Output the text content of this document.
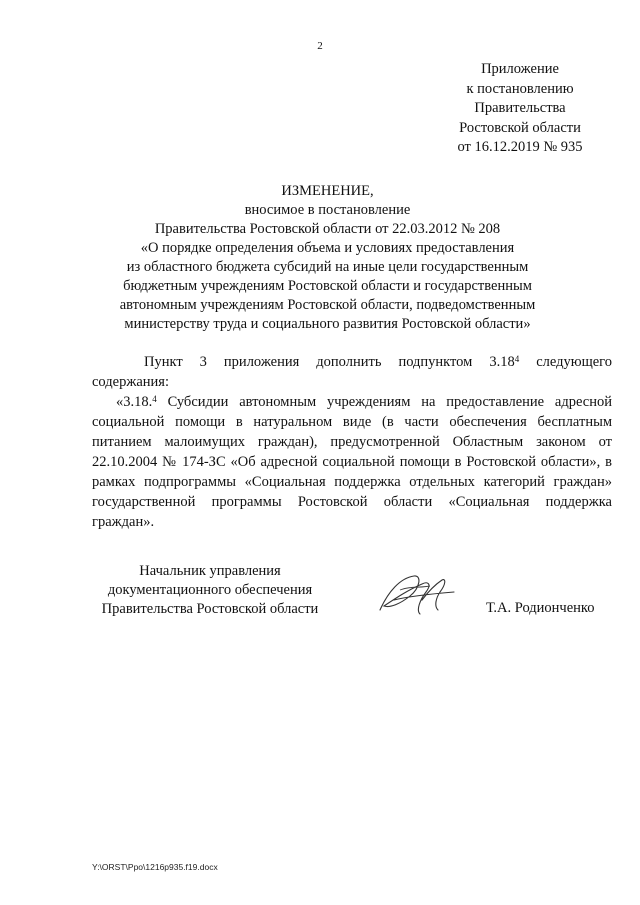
2
Приложение
к постановлению
Правительства
Ростовской области
от 16.12.2019 № 935
ИЗМЕНЕНИЕ,
вносимое в постановление
Правительства Ростовской области от 22.03.2012 № 208
«О порядке определения объема и условиях предоставления
из областного бюджета субсидий на иные цели государственным
бюджетным учреждениям Ростовской области и государственным
автономным учреждениям Ростовской области, подведомственным
министерству труда и социального развития Ростовской области»

Пункт 3 приложения дополнить подпунктом 3.18$^4$ следующего

содержания:

«3.18.$^4$ Субсидии автономным учреждениям на предоставление адресной социальной помощи в натуральном виде (в части обеспечения бесплатным питанием малоимущих граждан), предусмотренной Областным законом от 22.10.2004 № 174-ЗС «Об адресной социальной помощи в Ростовской области», в рамках подпрограммы «Социальная поддержка отдельных категорий граждан» государственной программы Ростовской области «Социальная поддержка граждан».

Начальник управления
документационного обеспечения
Правительства Ростовской области	Т.А. Родионченко
Y:\ORST\Ppo\1216p935.f19.docx
